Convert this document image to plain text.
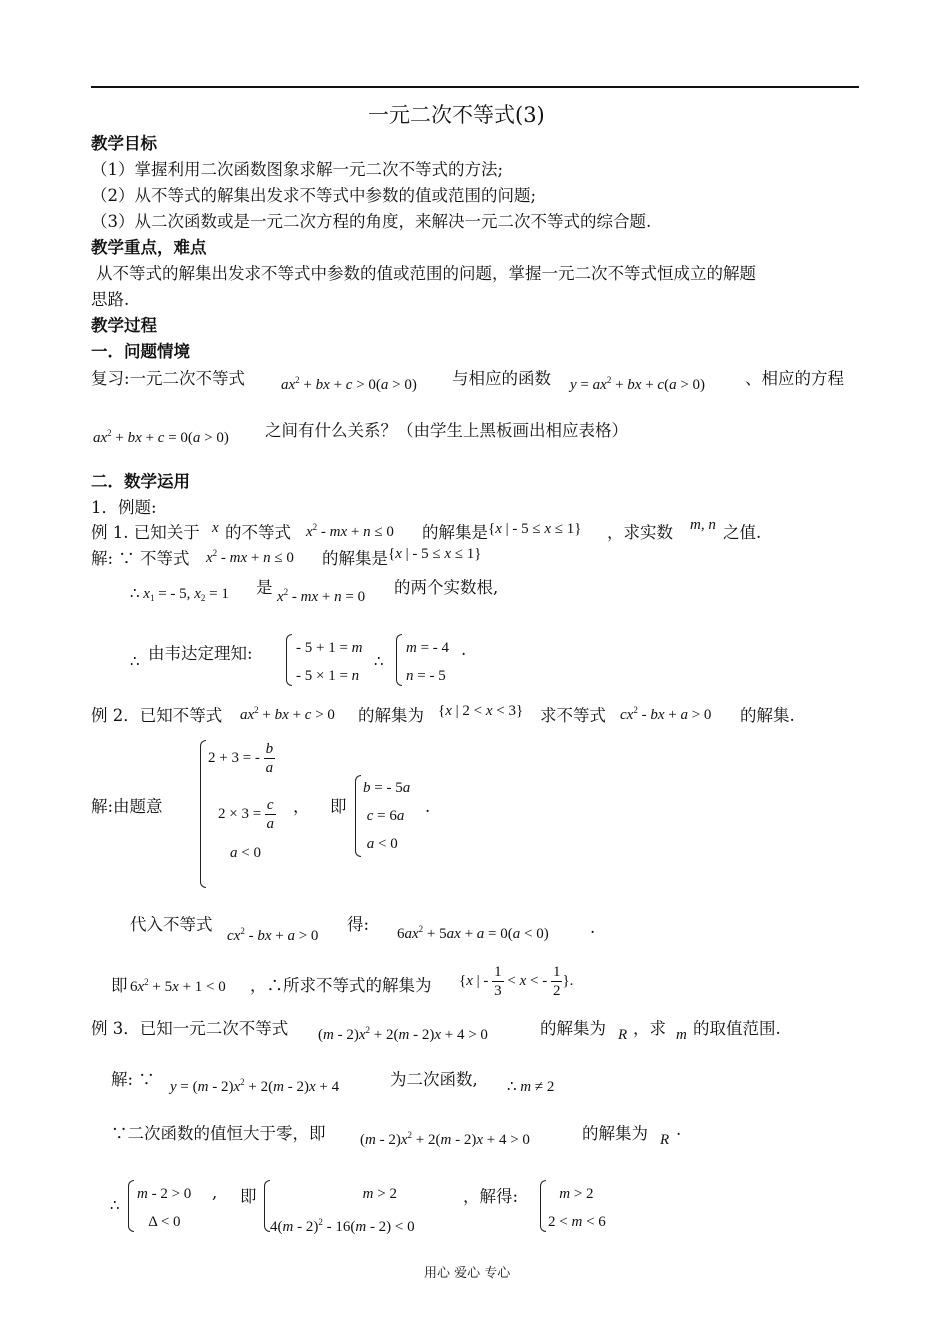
一元二次不等式(3)
教学目标
（1）掌握利用二次函数图象求解一元二次不等式的方法;
（2）从不等式的解集出发求不等式中参数的值或范围的问题;
（3）从二次函数或是一元二次方程的角度，来解决一元二次不等式的综合题.
教学重点，难点
从不等式的解集出发求不等式中参数的值或范围的问题，掌握一元二次不等式恒成立的解题
思路.
教学过程
一．问题情境
复习:一元二次不等式 $ax^2$ + bx + c > 0(a > 0) 与相应的函数 $y = ax^2$ + bx + c(a > 0) 、相应的方程
$ax^2$ + bx + c = 0(a > 0) 之间有什么关系？（由学生上黑板画出相应表格）
二．数学运用
1．例题:
例 1. 已知关于 x 的不等式 $x^2$ - mx + n ≤ 0 的解集是 {x | - 5 ≤ x ≤ 1} ，求实数 m, n 之值.
解: ∵ 不等式 $x^2$ - mx + n ≤ 0 的解集是 {x | - 5 ≤ x ≤ 1}
∴ $x_1$ = - 5, $x_2 = 1$ 是 $x^2$ - mx + n = 0 的两个实数根,
∴ 由韦达定理知:	- 5 + 1 = m
- 5 × 1 = n
∴
m = - 4
n = - 5
.
例 2．已知不等式 $ax^2$ + bx + c > 0 的解集为 {x | 2 < x < 3} 求不等式 $cx^2$ - bx + a > 0 的解集.
解:由题意
2 + 3 = - $\frac{b}{a}$
$2 \times 3 = \frac{c}{a}$
a < 0
， 即
b = - 5a
c = 6a
a < 0
.
代入不等式
$cx^2$ - bx + a > 0
得: $6ax^2 + 5ax + a = 0(a < 0)$	.
即 $6x^2 + 5x + 1 < 0$ ，∴所求不等式的解集为 {x | - $\frac{1}{3} < x$ < - $\frac{1}{2}$ }.
例 3．已知一元二次不等式 $(m - 2)x^2 + 2(m - 2)x + 4 > 0$	的解集为 R ，求 m 的取值范围.
解: ∵ $y = (m - 2)x^2 + 2(m - 2)x + 4$	为二次函数, ∴ m ≠ 2
∵二次函数的值恒大于零，即 $(m - 2)x^2 + 2(m - 2)x + 4 > 0$	的解集为 R
.
∴
m - 2 > 0
Δ < 0
, 即	m > 2
4(m - 2)$^2$ - 16(m - 2) < 0
，解得:	m > 2
2 < m < 6
用心 爱心 专心
